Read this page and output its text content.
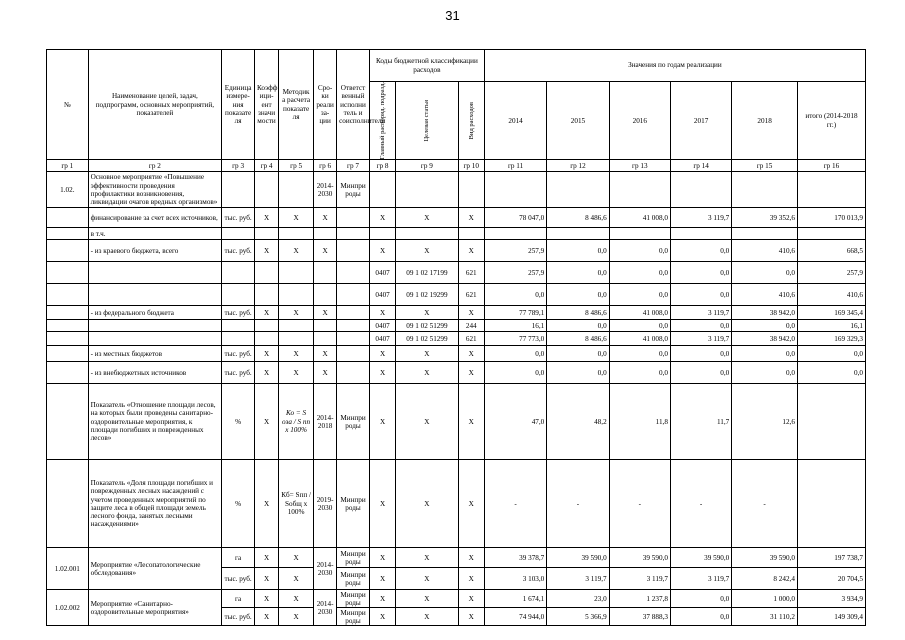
31
№	Наименование целей, задач, подпрограмм, основных мероприятий, показателей	Единица измере-ния показате ля	Коэфф ици-ент значи мости	Методик а расчета показате ля	Сро-ки реали за-ции	Ответст венный исполни тель и соисполнители	Коды бюджетной классификации расходов			Значения по годам реализации					

							Главный распоряд. подразд.	Целевая статья	Вид расходов	2014	2015	2016	2017	2018	итого (2014-2018 гг.)
гр 1	гр 2	гр 3	гр 4	гр 5	гр 6	гр 7	гр 8	гр 9	гр 10	гр 11	гр 12	гр 13	гр 14	гр 15	гр 16
1.02.	Основное мероприятие «Повышение эффективности проведения профилактики возникновения, ликвидации очагов вредных организмов»				2014-2030	Минпри роды									
	финансирование за счет всех источников,	тыс. руб.	X	X	X		X	X	X	78 047,0	8 486,6	41 008,0	3 119,7	39 352,6	170 013,9
	в т.ч.														
	- из краевого бюджета, всего	тыс. руб.	X	X	X		X	X	X	257,9	0,0	0,0	0,0	410,6	668,5
							0407	09 1 02 17199	621	257,9	0,0	0,0	0,0	0,0	257,9
							0407	09 1 02 19299	621	0,0	0,0	0,0	0,0	410,6	410,6
	- из федерального бюджета	тыс. руб.	X	X	X		X	X	X	77 789,1	8 486,6	41 008,0	3 119,7	38 942,0	169 345,4
							0407	09 1 02 51299	244	16,1	0,0	0,0	0,0	0,0	16,1
							0407	09 1 02 51299	621	77 773,0	8 486,6	41 008,0	3 119,7	38 942,0	169 329,3
	- из местных бюджетов	тыс. руб.	X	X	X		X	X	X	0,0	0,0	0,0	0,0	0,0	0,0
	- из внебюджетных источников	тыс. руб.	X	X	X		X	X	X	0,0	0,0	0,0	0,0	0,0	0,0
	Показатель «Отношение площади лесов, на которых были проведены санитарно-оздоровительные мероприятия, к площади погибших и поврежденных лесов»	%	X	Ко = S оза / S пп x 100%	2014-2018	Минпри роды	X	X	X	47,0	48,2	11,8	11,7	12,6	
	Показатель «Доля площади погибших и поврежденных лесных насаждений с учетом проведенных мероприятий по защите леса в общей площади земель лесного фонда, занятых лесными насаждениями»	%	X	Кб= Sпп / Sобщ x 100%	2019-2030	Минпри роды	X	X	X	-	-	-	-	-	
1.02.001	Мероприятие «Лесопатологические обследования»	га	X	X	2014-2030	Минпри роды	X	X	X	39 378,7	39 590,0	39 590,0	39 590,0	39 590,0	197 738,7
		тыс. руб.	X	X		Минпри роды	X	X	X	3 103,0	3 119,7	3 119,7	3 119,7	8 242,4	20 704,5
1.02.002	Мероприятие «Санитарно-оздоровительные мероприятия»	га	X	X	2014-2030	Минпри роды	X	X	X	1 674,1	23,0	1 237,8	0,0	1 000,0	3 934,9
		тыс. руб.	X	X		Минпри роды	X	X	X	74 944,0	5 366,9	37 888,3	0,0	31 110,2	149 309,4
